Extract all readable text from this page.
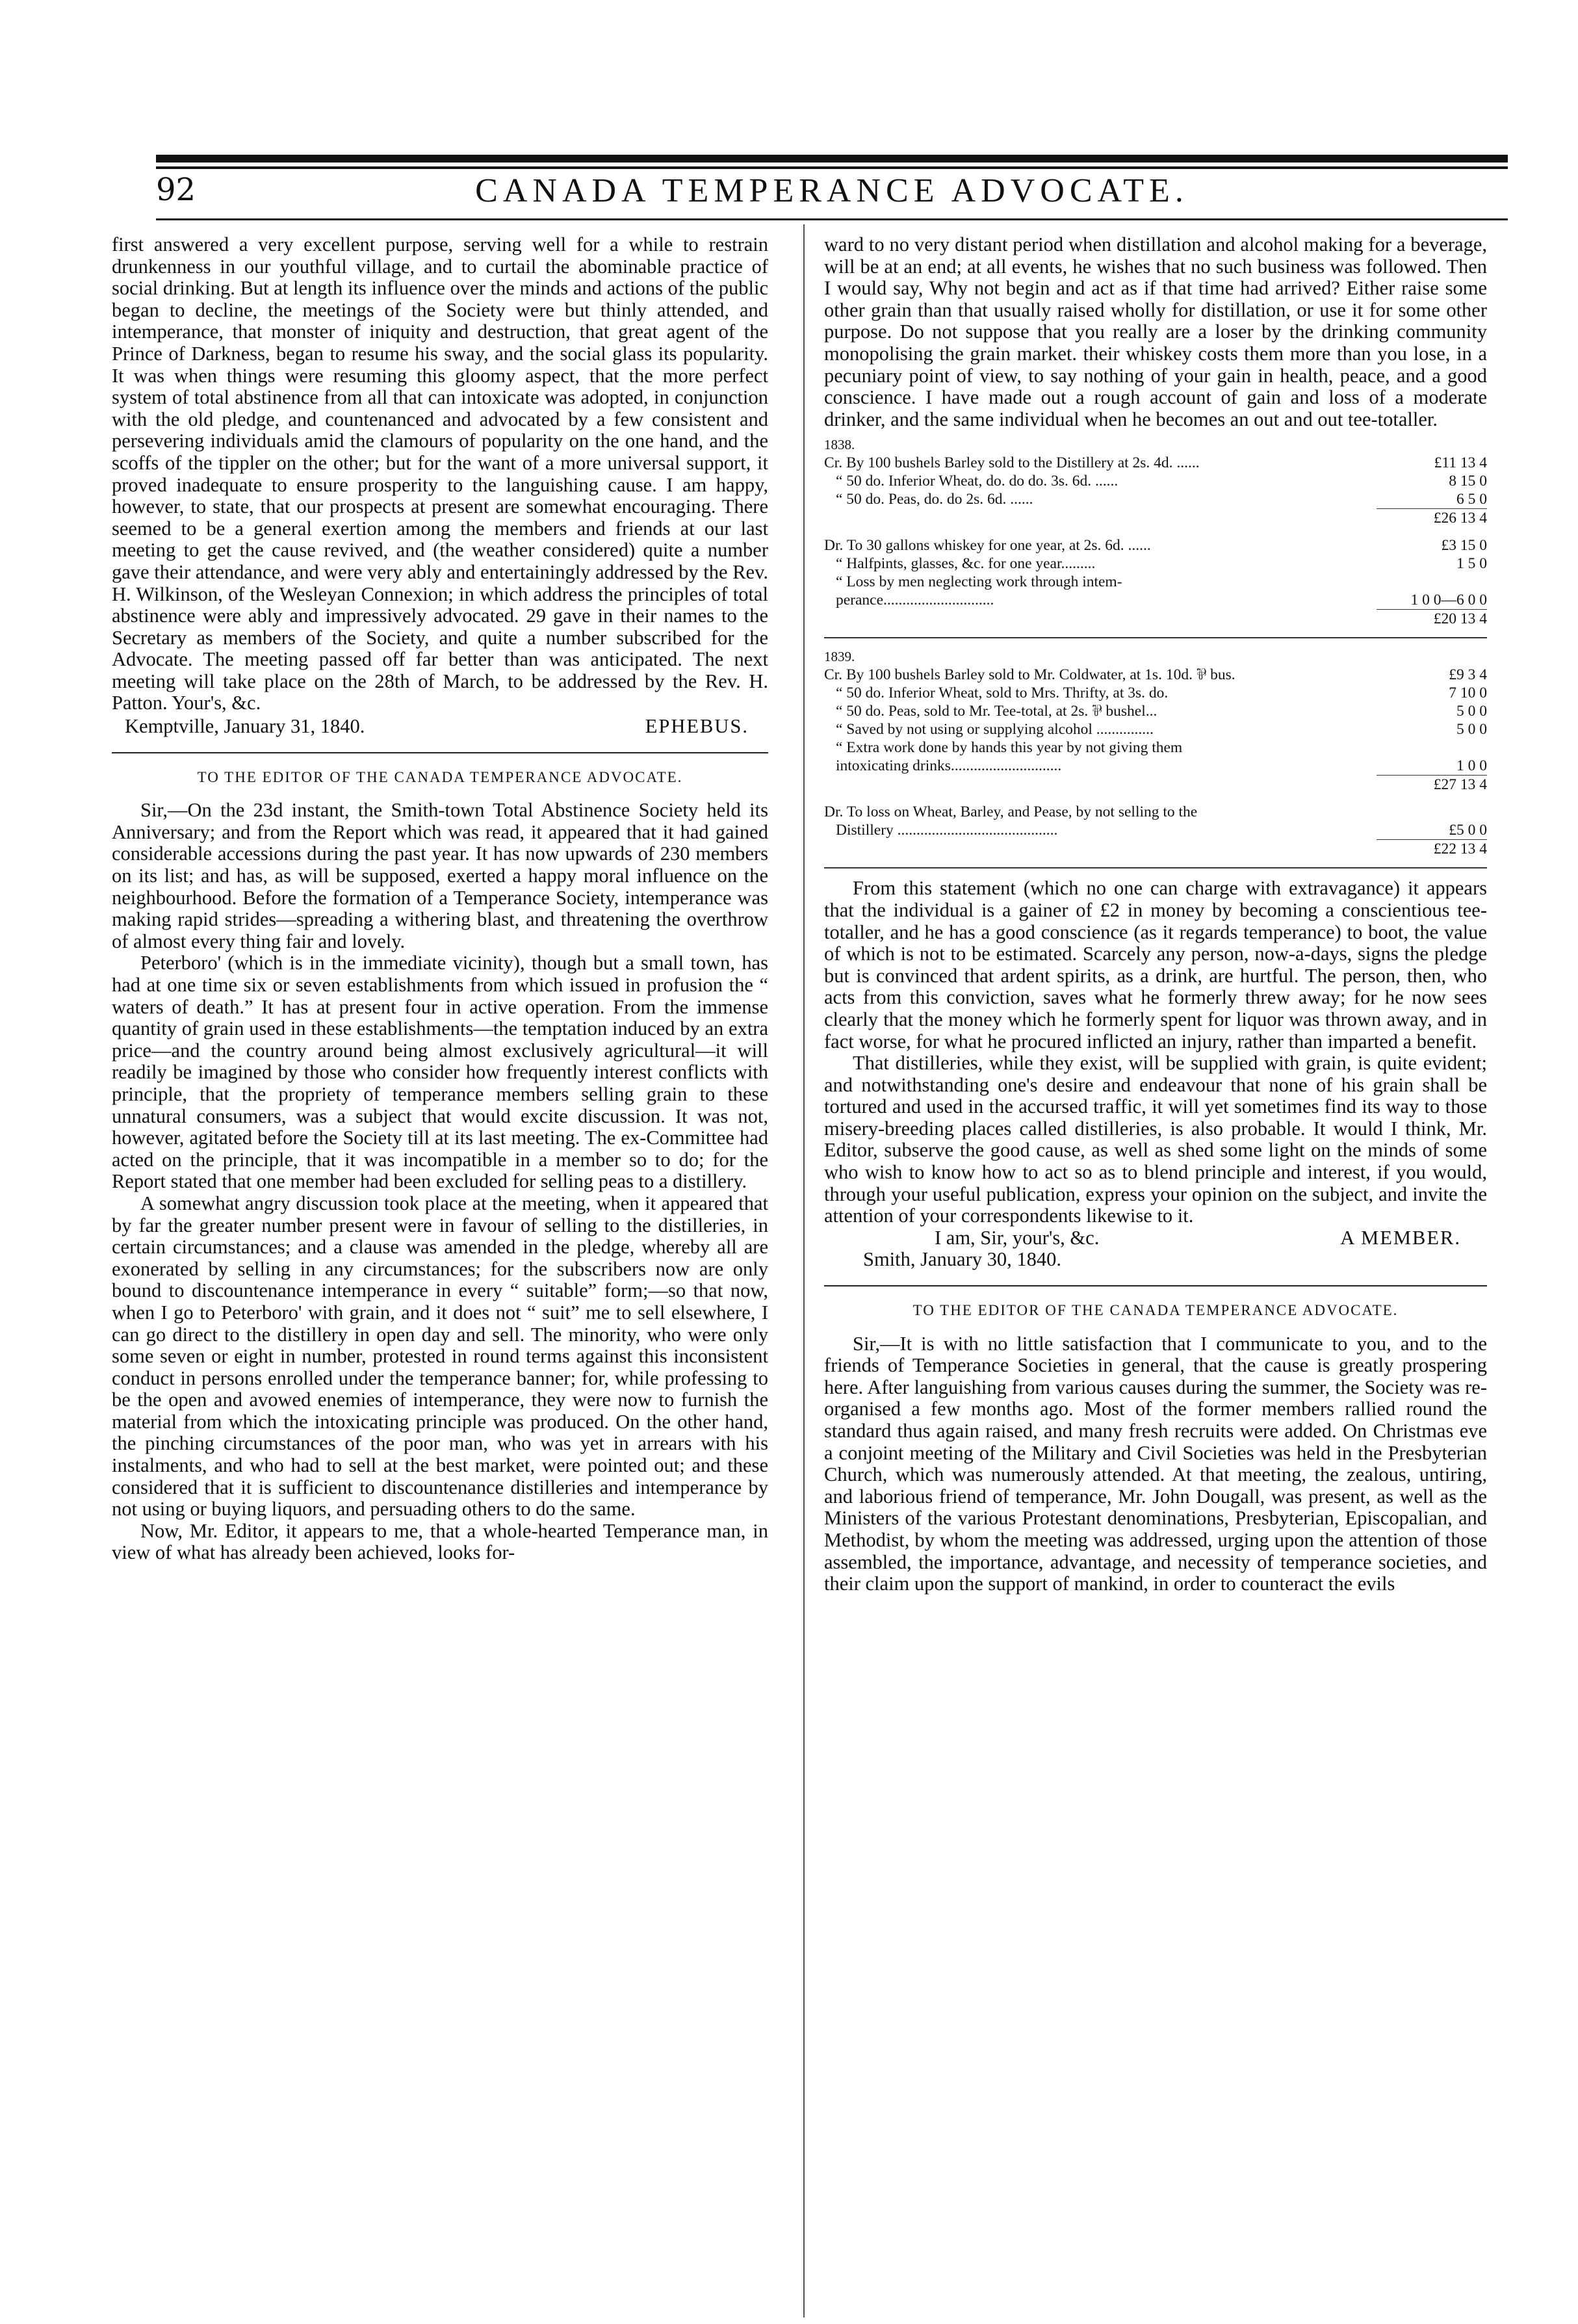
92	CANADA TEMPERANCE ADVOCATE.

first answered a very excellent purpose, serving well for a while to restrain drunkenness in our youthful village, and to curtail the abominable practice of social drinking. But at length its influence over the minds and actions of the public began to decline, the meetings of the Society were but thinly attended, and intemperance, that monster of iniquity and destruction, that great agent of the Prince of Darkness, began to resume his sway, and the social glass its popularity. It was when things were resuming this gloomy aspect, that the more perfect system of total abstinence from all that can intoxicate was adopted, in conjunction with the old pledge, and countenanced and advocated by a few consistent and persevering individuals amid the clamours of popularity on the one hand, and the scoffs of the tippler on the other; but for the want of a more universal support, it proved inadequate to ensure prosperity to the languishing cause. I am happy, however, to state, that our prospects at present are somewhat encouraging. There seemed to be a general exertion among the members and friends at our last meeting to get the cause revived, and (the weather considered) quite a number gave their attendance, and were very ably and entertainingly addressed by the Rev. H. Wilkinson, of the Wesleyan Connexion; in which address the principles of total abstinence were ably and impressively advocated. 29 gave in their names to the Secretary as members of the Society, and quite a number subscribed for the Advocate. The meeting passed off far better than was anticipated. The next meeting will take place on the 28th of March, to be addressed by the Rev. H. Patton. Your's, &c.

Kemptville, January 31, 1840.	EPHEBUS.
TO THE EDITOR OF THE CANADA TEMPERANCE ADVOCATE.

Sir,—On the 23d instant, the Smith-town Total Abstinence Society held its Anniversary; and from the Report which was read, it appeared that it had gained considerable accessions during the past year. It has now upwards of 230 members on its list; and has, as will be supposed, exerted a happy moral influence on the neighbourhood. Before the formation of a Temperance Society, intemperance was making rapid strides—spreading a withering blast, and threatening the overthrow of almost every thing fair and lovely.

Peterboro' (which is in the immediate vicinity), though but a small town, has had at one time six or seven establishments from which issued in profusion the “ waters of death.” It has at present four in active operation. From the immense quantity of grain used in these establishments—the temptation induced by an extra price—and the country around being almost exclusively agricultural—it will readily be imagined by those who consider how frequently interest conflicts with principle, that the propriety of temperance members selling grain to these unnatural consumers, was a subject that would excite discussion. It was not, however, agitated before the Society till at its last meeting. The ex-Committee had acted on the principle, that it was incompatible in a member so to do; for the Report stated that one member had been excluded for selling peas to a distillery.

A somewhat angry discussion took place at the meeting, when it appeared that by far the greater number present were in favour of selling to the distilleries, in certain circumstances; and a clause was amended in the pledge, whereby all are exonerated by selling in any circumstances; for the subscribers now are only bound to discountenance intemperance in every “ suitable” form;—so that now, when I go to Peterboro' with grain, and it does not “ suit” me to sell elsewhere, I can go direct to the distillery in open day and sell. The minority, who were only some seven or eight in number, protested in round terms against this inconsistent conduct in persons enrolled under the temperance banner; for, while professing to be the open and avowed enemies of intemperance, they were now to furnish the material from which the intoxicating principle was produced. On the other hand, the pinching circumstances of the poor man, who was yet in arrears with his instalments, and who had to sell at the best market, were pointed out; and these considered that it is sufficient to discountenance distilleries and intemperance by not using or buying liquors, and persuading others to do the same.

Now, Mr. Editor, it appears to me, that a whole-hearted Temperance man, in view of what has already been achieved, looks for-

ward to no very distant period when distillation and alcohol making for a beverage, will be at an end; at all events, he wishes that no such business was followed. Then I would say, Why not begin and act as if that time had arrived? Either raise some other grain than that usually raised wholly for distillation, or use it for some other purpose. Do not suppose that you really are a loser by the drinking community monopolising the grain market. their whiskey costs them more than you lose, in a pecuniary point of view, to say nothing of your gain in health, peace, and a good conscience. I have made out a rough account of gain and loss of a moderate drinker, and the same individual when he becomes an out and out tee-totaller.

1838.
Cr. By 100 bushels Barley sold to the Distillery at 2s. 4d. ......	£11 13 4
“ 50 do. Inferior Wheat, do. do do. 3s. 6d. ......	8 15 0
“ 50 do. Peas, do. do 2s. 6d. ......	6 5 0
£26 13 4
Dr. To 30 gallons whiskey for one year, at 2s. 6d. ......	£3 15 0
“ Halfpints, glasses, &c. for one year.........	1 5 0
“ Loss by men neglecting work through intem-
perance.............................	1 0 0—6 0 0
£20 13 4
1839.
Cr. By 100 bushels Barley sold to Mr. Coldwater, at 1s. 10d. ⅌ bus.	£9 3 4
“ 50 do. Inferior Wheat, sold to Mrs. Thrifty, at 3s. do.	7 10 0
“ 50 do. Peas, sold to Mr. Tee-total, at 2s. ⅌ bushel...	5 0 0
“ Saved by not using or supplying alcohol ...............	5 0 0
“ Extra work done by hands this year by not giving them
intoxicating drinks.............................	1 0 0
£27 13 4
Dr. To loss on Wheat, Barley, and Pease, by not selling to the
Distillery ..........................................	£5 0 0
£22 13 4

From this statement (which no one can charge with extravagance) it appears that the individual is a gainer of £2 in money by becoming a conscientious tee-totaller, and he has a good conscience (as it regards temperance) to boot, the value of which is not to be estimated. Scarcely any person, now-a-days, signs the pledge but is convinced that ardent spirits, as a drink, are hurtful. The person, then, who acts from this conviction, saves what he formerly threw away; for he now sees clearly that the money which he formerly spent for liquor was thrown away, and in fact worse, for what he procured inflicted an injury, rather than imparted a benefit.

That distilleries, while they exist, will be supplied with grain, is quite evident; and notwithstanding one's desire and endeavour that none of his grain shall be tortured and used in the accursed traffic, it will yet sometimes find its way to those misery-breeding places called distilleries, is also probable. It would I think, Mr. Editor, subserve the good cause, as well as shed some light on the minds of some who wish to know how to act so as to blend principle and interest, if you would, through your useful publication, express your opinion on the subject, and invite the attention of your correspondents likewise to it.

I am, Sir, your's, &c.	A MEMBER.
Smith, January 30, 1840.
TO THE EDITOR OF THE CANADA TEMPERANCE ADVOCATE.

Sir,—It is with no little satisfaction that I communicate to you, and to the friends of Temperance Societies in general, that the cause is greatly prospering here. After languishing from various causes during the summer, the Society was re-organised a few months ago. Most of the former members rallied round the standard thus again raised, and many fresh recruits were added. On Christmas eve a conjoint meeting of the Military and Civil Societies was held in the Presbyterian Church, which was numerously attended. At that meeting, the zealous, untiring, and laborious friend of temperance, Mr. John Dougall, was present, as well as the Ministers of the various Protestant denominations, Presbyterian, Episcopalian, and Methodist, by whom the meeting was addressed, urging upon the attention of those assembled, the importance, advantage, and necessity of temperance societies, and their claim upon the support of mankind, in order to counteract the evils
